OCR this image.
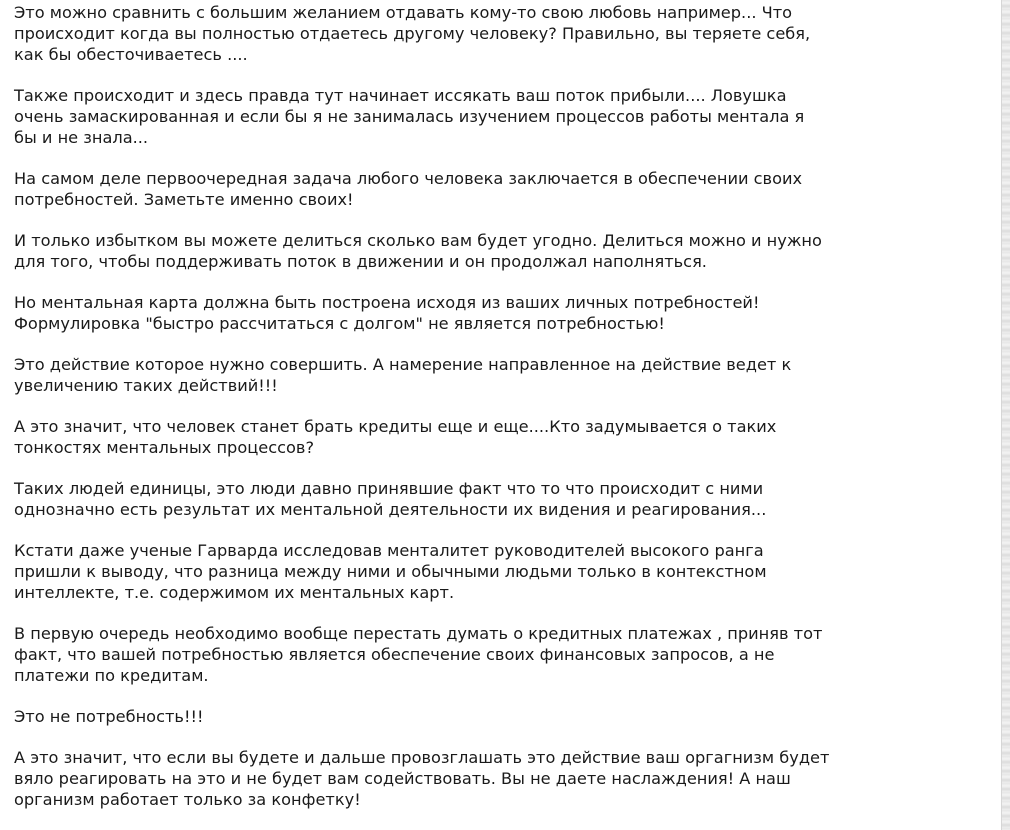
Это можно сравнить с большим желанием отдавать кому-то свою любовь например... Что
происходит когда вы полностью отдаетесь другому человеку? Правильно, вы теряете себя,
как бы обесточиваетесь ....

Также происходит и здесь правда тут начинает иссякать ваш поток прибыли.... Ловушка
очень замаскированная и если бы я не занималась изучением процессов работы ментала я
бы и не знала...

На самом деле первоочередная задача любого человека заключается в обеспечении своих
потребностей. Заметьте именно своих!

И только избытком вы можете делиться сколько вам будет угодно. Делиться можно и нужно
для того, чтобы поддерживать поток в движении и он продолжал наполняться.

Но ментальная карта должна быть построена исходя из ваших личных потребностей!
Формулировка "быстро рассчитаться с долгом" не является потребностью!

Это действие которое нужно совершить. А намерение направленное на действие ведет к
увеличению таких действий!!!

А это значит, что человек станет брать кредиты еще и еще....Кто задумывается о таких
тонкостях ментальных процессов?

Таких людей единицы, это люди давно принявшие факт что то что происходит с ними
однозначно есть результат их ментальной деятельности их видения и реагирования...

Кстати даже ученые Гарварда исследовав менталитет руководителей высокого ранга
пришли к выводу, что разница между ними и обычными людьми только в контекстном
интеллекте, т.е. содержимом их ментальных карт.

В первую очередь необходимо вообще перестать думать о кредитных платежах , приняв тот
факт, что вашей потребностью является обеспечение своих финансовых запросов, а не
платежи по кредитам.

Это не потребность!!!

А это значит, что если вы будете и дальше провозглашать это действие ваш оргагнизм будет
вяло реагировать на это и не будет вам содействовать. Вы не даете наслаждения! А наш
организм работает только за конфетку!
